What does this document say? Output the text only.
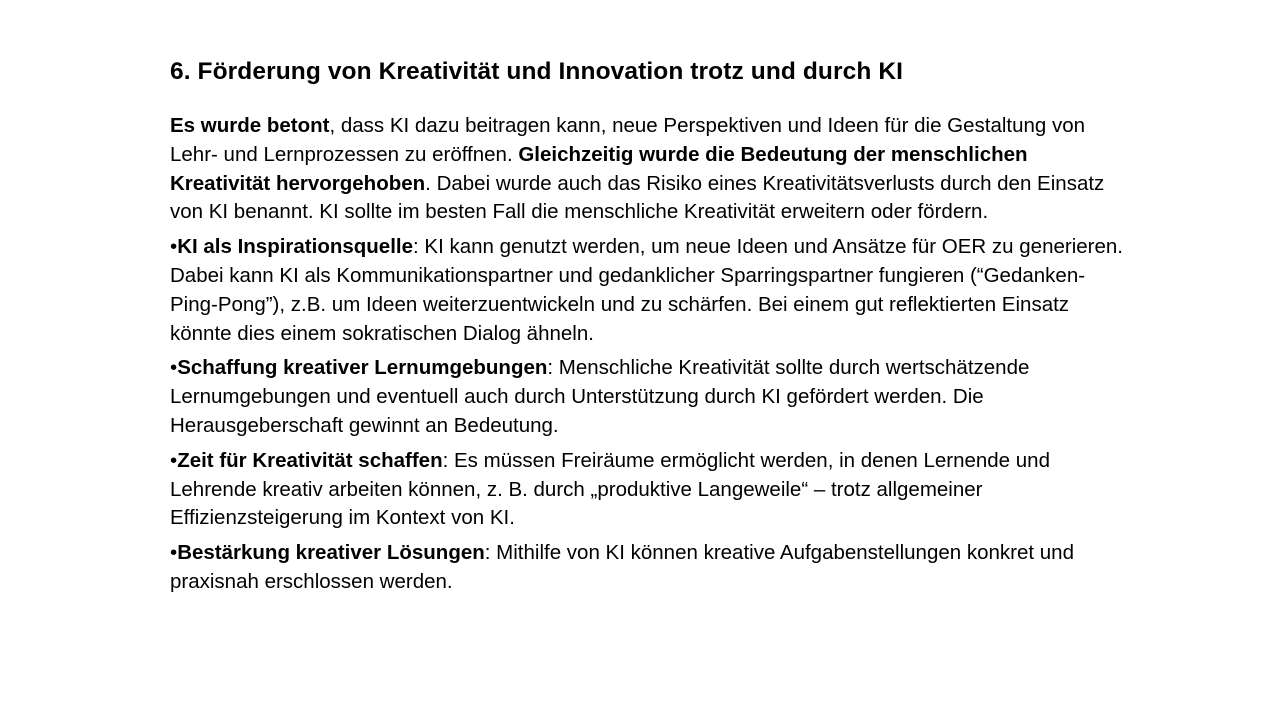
6. Förderung von Kreativität und Innovation trotz und durch KI

Es wurde betont, dass KI dazu beitragen kann, neue Perspektiven und Ideen für die Gestaltung von Lehr- und Lernprozessen zu eröffnen. Gleichzeitig wurde die Bedeutung der menschlichen Kreativität hervorgehoben. Dabei wurde auch das Risiko eines Kreativitätsverlusts durch den Einsatz von KI benannt. KI sollte im besten Fall die menschliche Kreativität erweitern oder fördern.

•KI als Inspirationsquelle: KI kann genutzt werden, um neue Ideen und Ansätze für OER zu generieren. Dabei kann KI als Kommunikationspartner und gedanklicher Sparringspartner fungieren (“Gedanken-Ping-Pong”), z.B. um Ideen weiterzuentwickeln und zu schärfen. Bei einem gut reflektierten Einsatz könnte dies einem sokratischen Dialog ähneln.

•Schaffung kreativer Lernumgebungen: Menschliche Kreativität sollte durch wertschätzende Lernumgebungen und eventuell auch durch Unterstützung durch KI gefördert werden. Die Herausgeberschaft gewinnt an Bedeutung.

•Zeit für Kreativität schaffen: Es müssen Freiräume ermöglicht werden, in denen Lernende und Lehrende kreativ arbeiten können, z. B. durch „produktive Langeweile“ – trotz allgemeiner Effizienzsteigerung im Kontext von KI.

•Bestärkung kreativer Lösungen: Mithilfe von KI können kreative Aufgabenstellungen konkret und praxisnah erschlossen werden.
